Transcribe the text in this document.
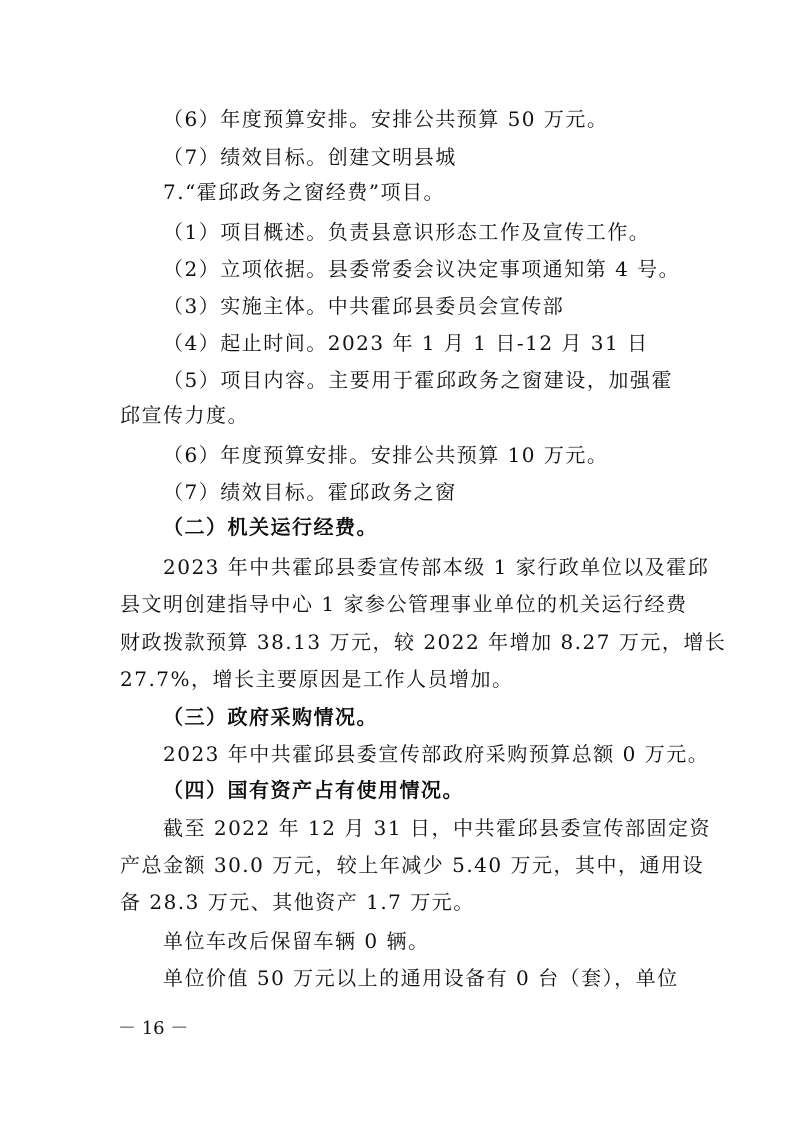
（6）年度预算安排。安排公共预算 50 万元。

（7）绩效目标。创建文明县城

7.“霍邱政务之窗经费”项目。

（1）项目概述。负责县意识形态工作及宣传工作。

（2）立项依据。县委常委会议决定事项通知第 4 号。

（3）实施主体。中共霍邱县委员会宣传部

（4）起止时间。2023 年 1 月 1 日-12 月 31 日

（5）项目内容。主要用于霍邱政务之窗建设，加强霍

邱宣传力度。

（6）年度预算安排。安排公共预算 10 万元。

（7）绩效目标。霍邱政务之窗

（二）机关运行经费。

2023 年中共霍邱县委宣传部本级 1 家行政单位以及霍邱

县文明创建指导中心 1 家参公管理事业单位的机关运行经费

财政拨款预算 38.13 万元，较 2022 年增加 8.27 万元，增长

27.7%，增长主要原因是工作人员增加。

（三）政府采购情况。

2023 年中共霍邱县委宣传部政府采购预算总额 0 万元。

（四）国有资产占有使用情况。

截至 2022 年 12 月 31 日，中共霍邱县委宣传部固定资

产总金额 30.0 万元，较上年减少 5.40 万元，其中，通用设

备 28.3 万元、其他资产 1.7 万元。

单位车改后保留车辆 0 辆。

单位价值 50 万元以上的通用设备有 0 台（套），单位

－ 16 －
